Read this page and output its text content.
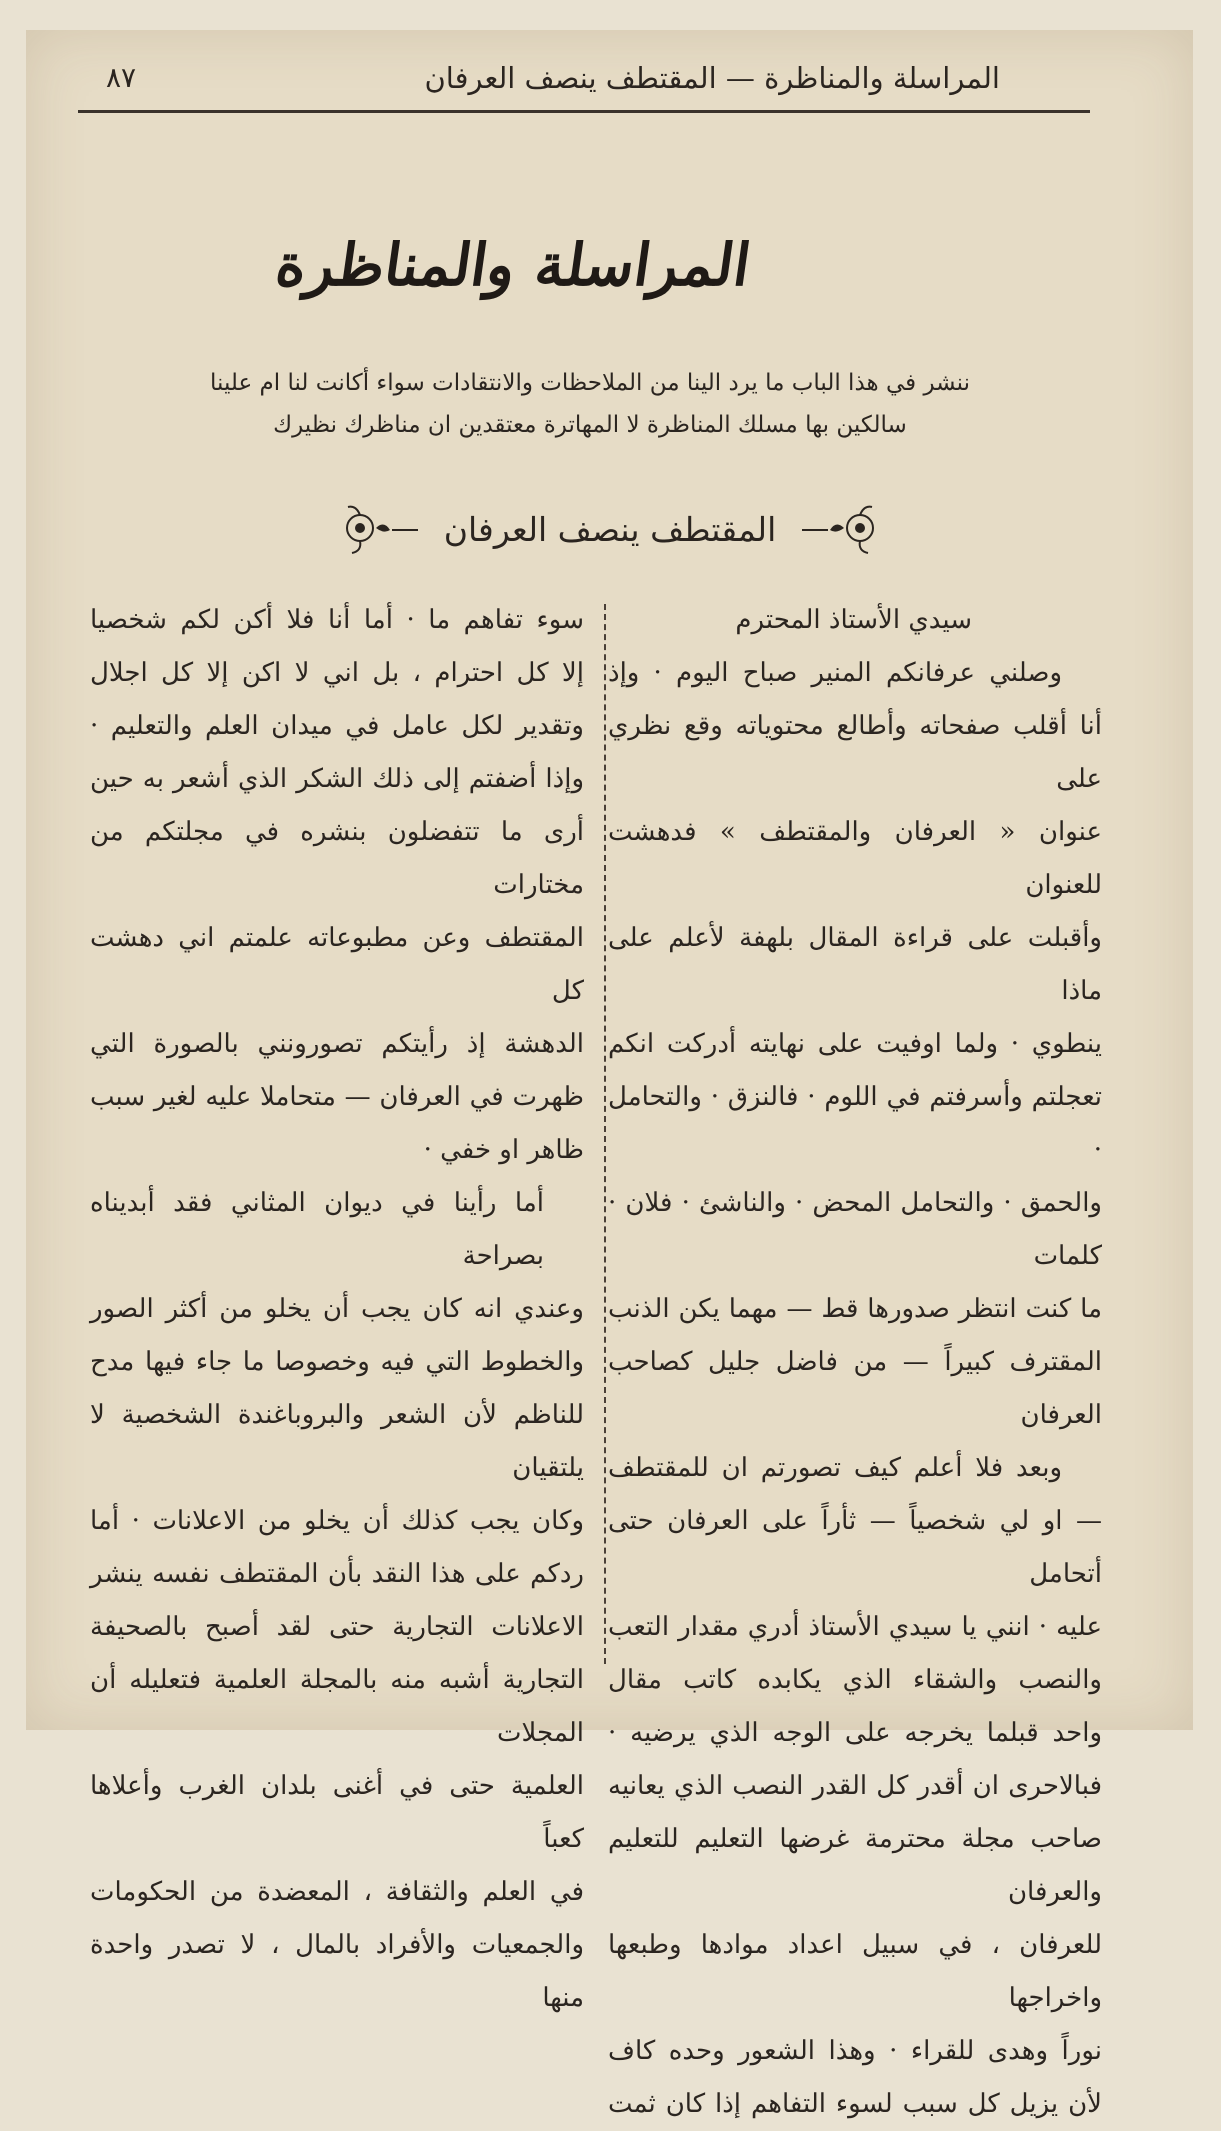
المراسلة والمناظرة — المقتطف ينصف العرفان
٨٧
المراسلة والمناظرة

ننشر في هذا الباب ما يرد الينا من الملاحظات والانتقادات سواء أكانت لنا ام علينا

سالكين بها مسلك المناظرة لا المهاترة معتقدين ان مناظرك نظيرك

المقتطف ينصف العرفان

سيدي الأستاذ المحترم

وصلني عرفانكم المنير صباح اليوم · وإذ

أنا أقلب صفحاته وأطالع محتوياته وقع نظري على

عنوان « العرفان والمقتطف » فدهشت للعنوان

وأقبلت على قراءة المقال بلهفة لأعلم على ماذا

ينطوي · ولما اوفيت على نهايته أدركت انكم

تعجلتم وأسرفتم في اللوم · فالنزق · والتحامل ·

والحمق · والتحامل المحض · والناشئ · فلان · كلمات

ما كنت انتظر صدورها قط — مهما يكن الذنب

المقترف كبيراً — من فاضل جليل كصاحب العرفان

وبعد فلا أعلم كيف تصورتم ان للمقتطف

— او لي شخصياً — ثأراً على العرفان حتى أتحامل

عليه · انني يا سيدي الأستاذ أدري مقدار التعب

والنصب والشقاء الذي يكابده كاتب مقال

واحد قبلما يخرجه على الوجه الذي يرضيه ·

فبالاحرى ان أقدر كل القدر النصب الذي يعانيه

صاحب مجلة محترمة غرضها التعليم للتعليم والعرفان

للعرفان ، في سبيل اعداد موادها وطبعها واخراجها

نوراً وهدى للقراء · وهذا الشعور وحده كاف

لأن يزيل كل سبب لسوء التفاهم إذا كان ثمت

سوء تفاهم ما · أما أنا فلا أكن لكم شخصيا

إلا كل احترام ، بل اني لا اكن إلا كل اجلال

وتقدير لكل عامل في ميدان العلم والتعليم ·

وإذا أضفتم إلى ذلك الشكر الذي أشعر به حين

أرى ما تتفضلون بنشره في مجلتكم من مختارات

المقتطف وعن مطبوعاته علمتم اني دهشت كل

الدهشة إذ رأيتكم تصورونني بالصورة التي

ظهرت في العرفان — متحاملا عليه لغير سبب

ظاهر او خفي ·

أما رأينا في ديوان المثاني فقد أبديناه بصراحة

وعندي انه كان يجب أن يخلو من أكثر الصور

والخطوط التي فيه وخصوصا ما جاء فيها مدح

للناظم لأن الشعر والبروباغندة الشخصية لا يلتقيان

وكان يجب كذلك أن يخلو من الاعلانات · أما

ردكم على هذا النقد بأن المقتطف نفسه ينشر

الاعلانات التجارية حتى لقد أصبح بالصحيفة

التجارية أشبه منه بالمجلة العلمية فتعليله أن المجلات

العلمية حتى في أغنى بلدان الغرب وأعلاها كعباً

في العلم والثقافة ، المعضدة من الحكومات

والجمعيات والأفراد بالمال ، لا تصدر واحدة منها
